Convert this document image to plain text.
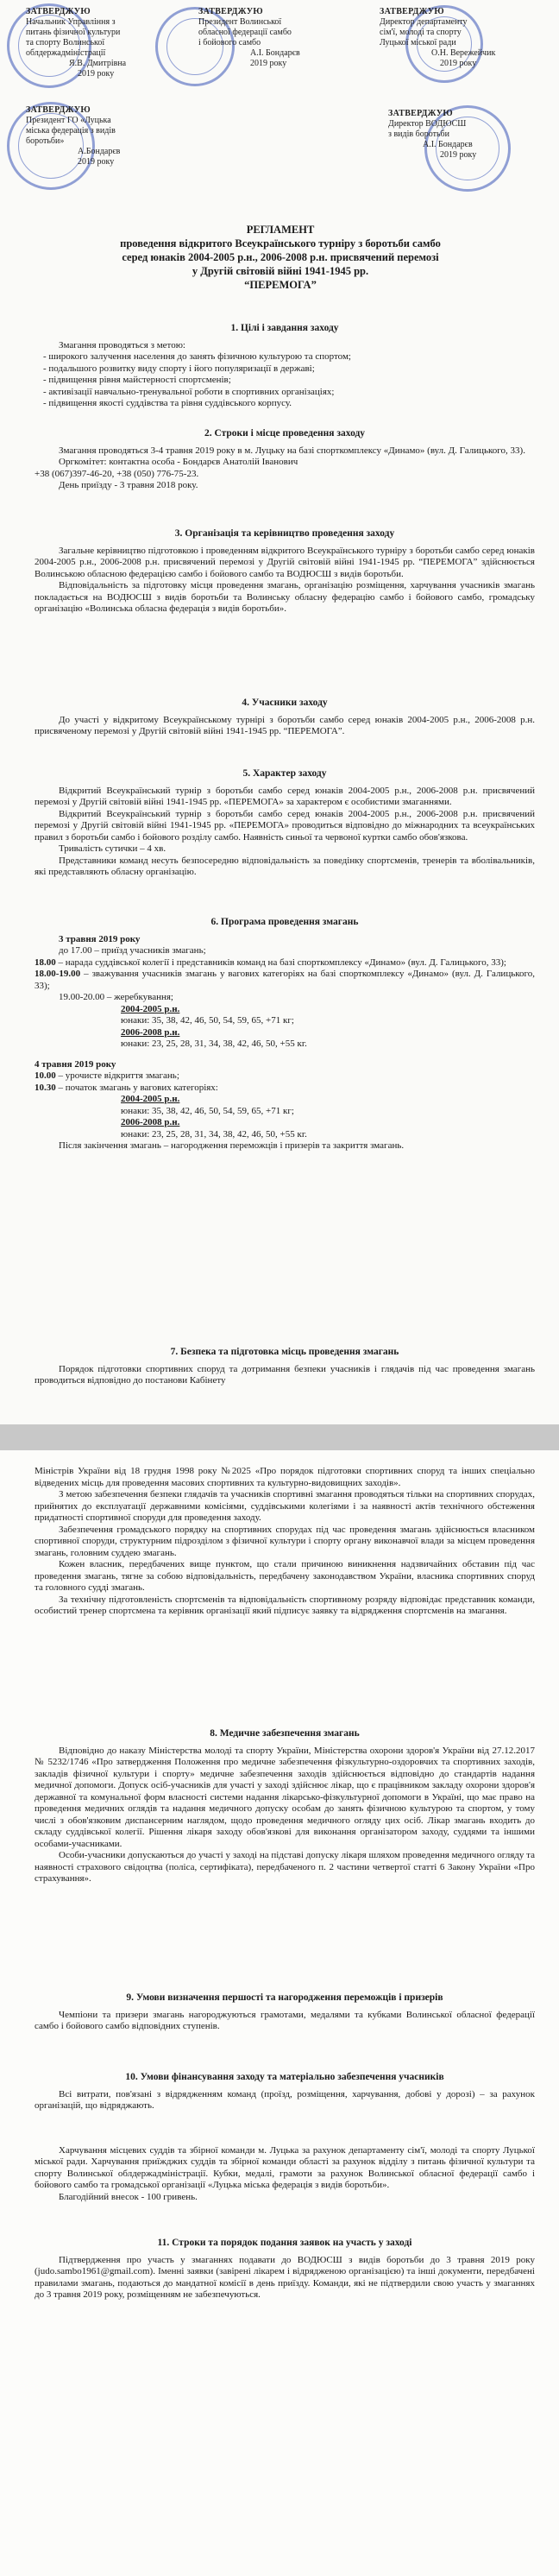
ЗАТВЕРДЖУЮ
Начальник Управління з
питань фізичної культури
та спорту Волинської
облдержадміністрації
Я.В. Дмитрівна
2019 року
ЗАТВЕРДЖУЮ
Президент Волинської
обласної федерації самбо
і бойового самбо
А.І. Бондарєв
2019 року
ЗАТВЕРДЖУЮ
Директор департаменту
сім'ї, молоді та спорту
Луцької міської ради
О.Н. Вережейчик
2019 року
ЗАТВЕРДЖУЮ
Президент ГО «Луцька
міська федерація з видів
боротьби»
А.Бондарєв
2019 року
ЗАТВЕРДЖУЮ
Директор ВОДЮСШ
з видів боротьби
А.І. Бондарєв
2019 року
РЕГЛАМЕНТ
проведення відкритого Всеукраїнського турніру з боротьби самбо
серед юнаків 2004-2005 р.н., 2006-2008 р.н. присвячений перемозі
у Другій світовій війні 1941-1945 рр.
“ПЕРЕМОГА”
1. Цілі і завдання заходу

Змагання проводяться з метою:

- широкого залучення населення до занять фізичною культурою та спортом;
- подальшого розвитку виду спорту і його популяризації в державі;
- підвищення рівня майстерності спортсменів;
- активізації навчально-тренувальної роботи в спортивних організаціях;
- підвищення якості суддівства та рівня суддівського корпусу.
2. Строки і місце проведення заходу

Змагання проводяться 3-4 травня 2019 року в м. Луцьку на базі спорткомплексу «Динамо» (вул. Д. Галицького, 33).

Оргкомітет: контактна особа - Бондарєв Анатолій Іванович

+38 (067)397-46-20, +38 (050) 776-75-23.

День приїзду - 3 травня 2018 року.

3. Організація та керівництво проведення заходу

Загальне керівництво підготовкою і проведенням відкритого Всеукраїнського турніру з боротьби самбо серед юнаків 2004-2005 р.н., 2006-2008 р.н. присвячений перемозі у Другій світовій війні 1941-1945 рр. “ПЕРЕМОГА” здійснюється Волинською обласною федерацією самбо і бойового самбо та ВОДЮСШ з видів боротьби.

Відповідальність за підготовку місця проведення змагань, організацію розміщення, харчування учасників змагань покладається на ВОДЮСШ з видів боротьби та Волинську обласну федерацію самбо і бойового самбо, громадську організацію «Волинська обласна федерація з видів боротьби».

4. Учасники заходу

До участі у відкритому Всеукраїнському турнірі з боротьби самбо серед юнаків 2004-2005 р.н., 2006-2008 р.н. присвяченому перемозі у Другій світовій війні 1941-1945 рр. “ПЕРЕМОГА”.

5. Характер заходу

Відкритий Всеукраїнський турнір з боротьби самбо серед юнаків 2004-2005 р.н., 2006-2008 р.н. присвячений перемозі у Другій світовій війні 1941-1945 рр. «ПЕРЕМОГА» за характером є особистими змаганнями.

Відкритий Всеукраїнський турнір з боротьби самбо серед юнаків 2004-2005 р.н., 2006-2008 р.н. присвячений перемозі у Другій світовій війні 1941-1945 рр. «ПЕРЕМОГА» проводиться відповідно до міжнародних та всеукраїнських правил з боротьби самбо і бойового розділу самбо. Наявність синьої та червоної куртки самбо обов'язкова.

Тривалість сутички – 4 хв.

Представники команд несуть безпосередню відповідальність за поведінку спортсменів, тренерів та вболівальників, які представляють обласну організацію.

6. Програма проведення змагань

3 травня 2019 року

до 17.00 – приїзд учасників змагань;

18.00 – нарада суддівської колегії і представників команд на базі спорткомплексу «Динамо» (вул. Д. Галицького, 33);

18.00-19.00 – зважування учасників змагань у вагових категоріях на базі спорткомплексу «Динамо» (вул. Д. Галицького, 33);

19.00-20.00 – жеребкування;

2004-2005 р.н.

юнаки: 35, 38, 42, 46, 50, 54, 59, 65, +71 кг;

2006-2008 р.н.

юнаки: 23, 25, 28, 31, 34, 38, 42, 46, 50, +55 кг.

4 травня 2019 року

10.00 – урочисте відкриття змагань;

10.30 – початок змагань у вагових категоріях:

2004-2005 р.н.

юнаки: 35, 38, 42, 46, 50, 54, 59, 65, +71 кг;

2006-2008 р.н.

юнаки: 23, 25, 28, 31, 34, 38, 42, 46, 50, +55 кг.

Після закінчення змагань – нагородження переможців і призерів та закриття змагань.

7. Безпека та підготовка місць проведення змагань

Порядок підготовки спортивних споруд та дотримання безпеки учасників і глядачів під час проведення змагань проводиться відповідно до постанови Кабінету

Міністрів України від 18 грудня 1998 року №2025 «Про порядок підготовки спортивних споруд та інших спеціально відведених місць для проведення масових спортивних та культурно-видовищних заходів».

З метою забезпечення безпеки глядачів та учасників спортивні змагання проводяться тільки на спортивних спорудах, прийнятих до експлуатації державними комісіями, суддівськими колегіями і за наявності актів технічного обстеження придатності спортивної споруди для проведення заходу.

Забезпечення громадського порядку на спортивних спорудах під час проведення змагань здійснюється власником спортивної споруди, структурним підрозділом з фізичної культури і спорту органу виконавчої влади за місцем проведення змагань, головним суддею змагань.

Кожен власник, передбачених вище пунктом, що стали причиною виникнення надзвичайних обставин під час проведення змагань, тягне за собою відповідальність, передбачену законодавством України, власника спортивних споруд та головного судді змагань.

За технічну підготовленість спортсменів та відповідальність спортивному розряду відповідає представник команди, особистий тренер спортсмена та керівник організації який підписує заявку та відрядження спортсменів на змагання.

8. Медичне забезпечення змагань

Відповідно до наказу Міністерства молоді та спорту України, Міністерства охорони здоров'я України від 27.12.2017 № 5232/1746 «Про затвердження Положення про медичне забезпечення фізкультурно-оздоровчих та спортивних заходів, закладів фізичної культури і спорту» медичне забезпечення заходів здійснюється відповідно до стандартів надання медичної допомоги. Допуск осіб-учасників для участі у заході здійснює лікар, що є працівником закладу охорони здоров'я державної та комунальної форм власності системи надання лікарсько-фізкультурної допомоги в Україні, що має право на проведення медичних оглядів та надання медичного допуску особам до занять фізичною культурою та спортом, у тому числі з обов'язковим диспансерним наглядом, щодо проведення медичного огляду цих осіб. Лікар змагань входить до складу суддівської колегії. Рішення лікаря заходу обов'язкові для виконання організатором заходу, суддями та іншими особами-учасниками.

Особи-учасники допускаються до участі у заході на підставі допуску лікаря шляхом проведення медичного огляду та наявності страхового свідоцтва (поліса, сертифіката), передбаченого п. 2 частини четвертої статті 6 Закону України «Про страхування».

9. Умови визначення першості та нагородження переможців і призерів

Чемпіони та призери змагань нагороджуються грамотами, медалями та кубками Волинської обласної федерації самбо і бойового самбо відповідних ступенів.

10. Умови фінансування заходу та матеріально забезпечення учасників

Всі витрати, пов'язані з відрядженням команд (проїзд, розміщення, харчування, добові у дорозі) – за рахунок організацій, що відряджають.

Харчування місцевих суддів та збірної команди м. Луцька за рахунок департаменту сім'ї, молоді та спорту Луцької міської ради. Харчування приїжджих суддів та збірної команди області за рахунок відділу з питань фізичної культури та спорту Волинської облдержадміністрації. Кубки, медалі, грамоти за рахунок Волинської обласної федерації самбо і бойового самбо та громадської організації «Луцька міська федерація з видів боротьби».

Благодійний внесок - 100 гривень.

11. Строки та порядок подання заявок на участь у заході

Підтвердження про участь у змаганнях подавати до ВОДЮСШ з видів боротьби до 3 травня 2019 року (judo.sambo1961@gmail.com). Іменні заявки (завірені лікарем і відрядженою організацією) та інші документи, передбачені правилами змагань, подаються до мандатної комісії в день приїзду. Команди, які не підтвердили свою участь у змаганнях до 3 травня 2019 року, розміщенням не забезпечуються.
